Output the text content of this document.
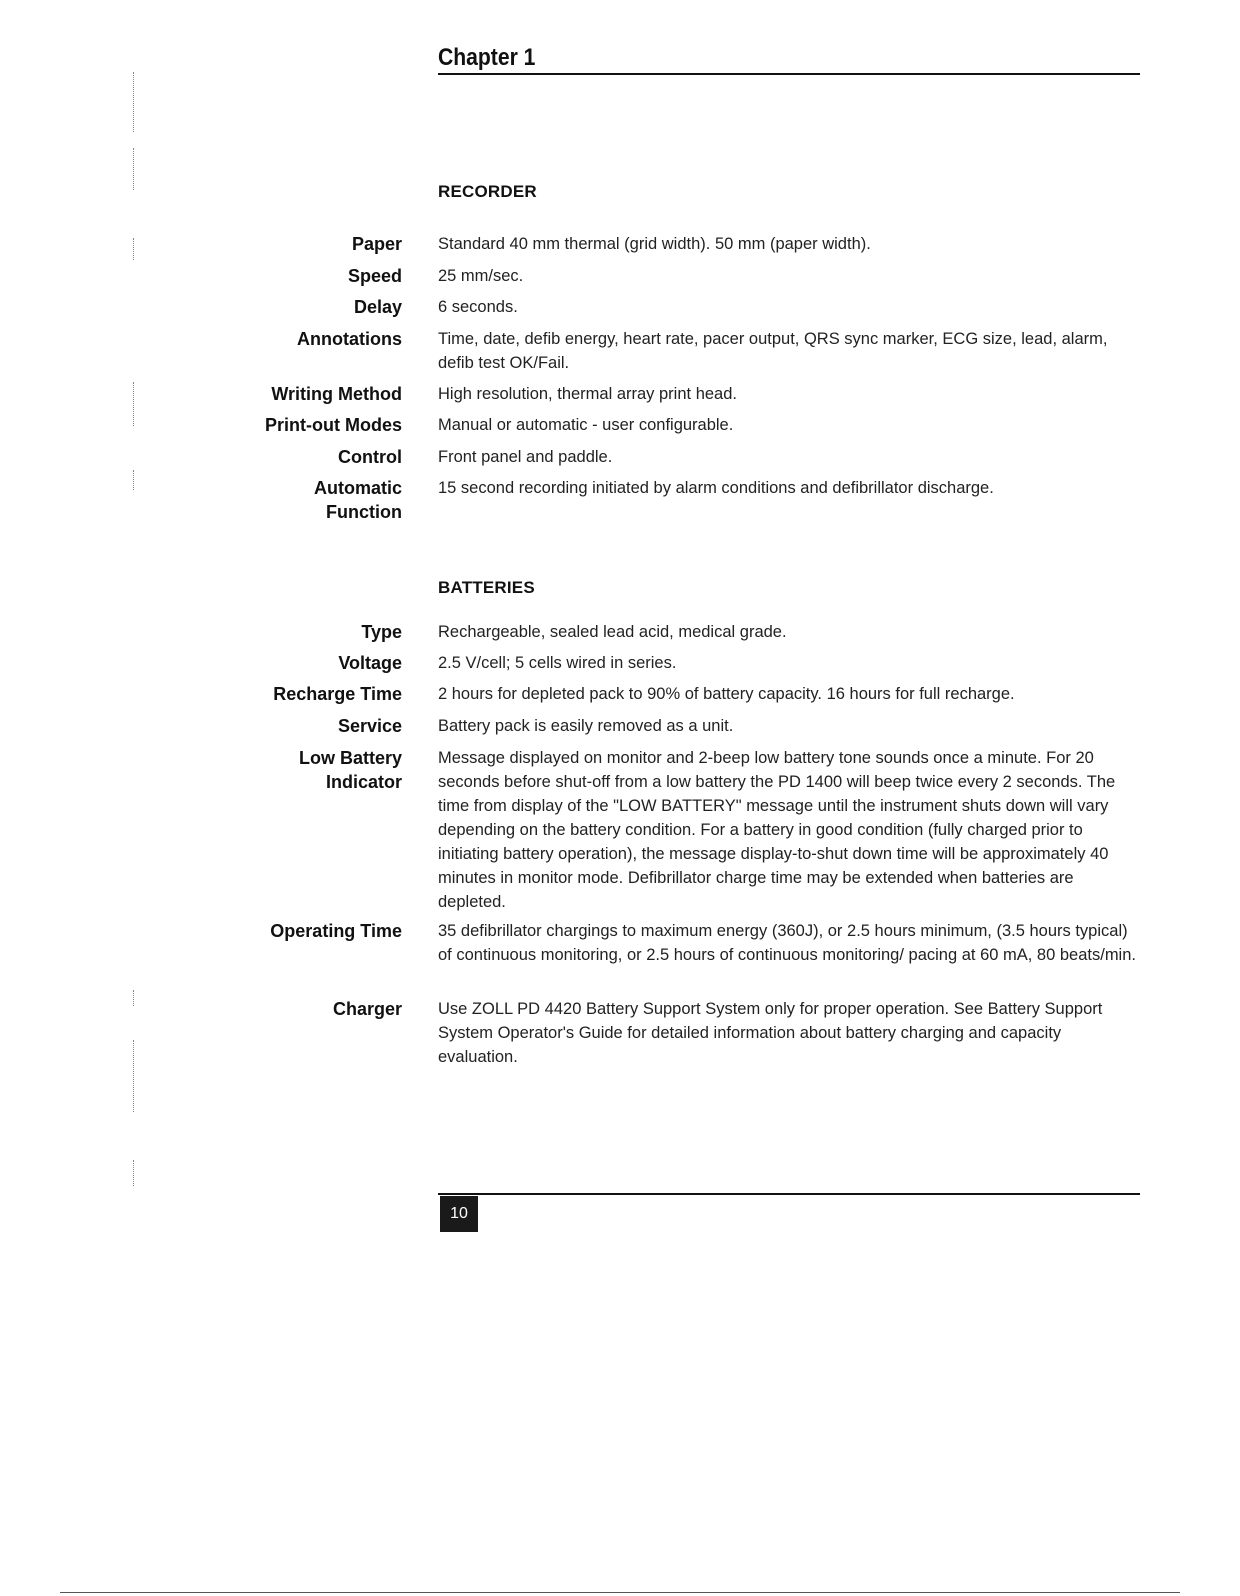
Chapter 1
RECORDER
Paper Standard 40 mm thermal (grid width). 50 mm (paper width).
Speed 25 mm/sec.
Delay 6 seconds.
Annotations Time, date, defib energy, heart rate, pacer output, QRS sync marker, ECG size, lead, alarm, defib test OK/Fail.
Writing Method High resolution, thermal array print head.
Print-out Modes Manual or automatic - user configurable.
Control Front panel and paddle.
Automatic Function
15 second recording initiated by alarm conditions and defibrillator discharge.
BATTERIES
Type Rechargeable, sealed lead acid, medical grade.
Voltage 2.5 V/cell; 5 cells wired in series.
Recharge Time 2 hours for depleted pack to 90% of battery capacity. 16 hours for full recharge.
Service Battery pack is easily removed as a unit.
Low Battery Indicator
Message displayed on monitor and 2-beep low battery tone sounds once a minute. For 20 seconds before shut-off from a low battery the PD 1400 will beep twice every 2 seconds. The time from display of the "LOW BATTERY" message until the instrument shuts down will vary depending on the battery condition. For a battery in good condition (fully charged prior to initiating battery operation), the message display-to-shut down time will be approximately 40 minutes in monitor mode. Defibrillator charge time may be extended when batteries are depleted.
Operating Time 35 defibrillator chargings to maximum energy (360J), or 2.5 hours minimum, (3.5 hours typical) of continuous monitoring, or 2.5 hours of continuous monitoring/ pacing at 60 mA, 80 beats/min.
Charger Use ZOLL PD 4420 Battery Support System only for proper operation. See Battery Support System Operator's Guide for detailed information about battery charging and capacity evaluation.
10
